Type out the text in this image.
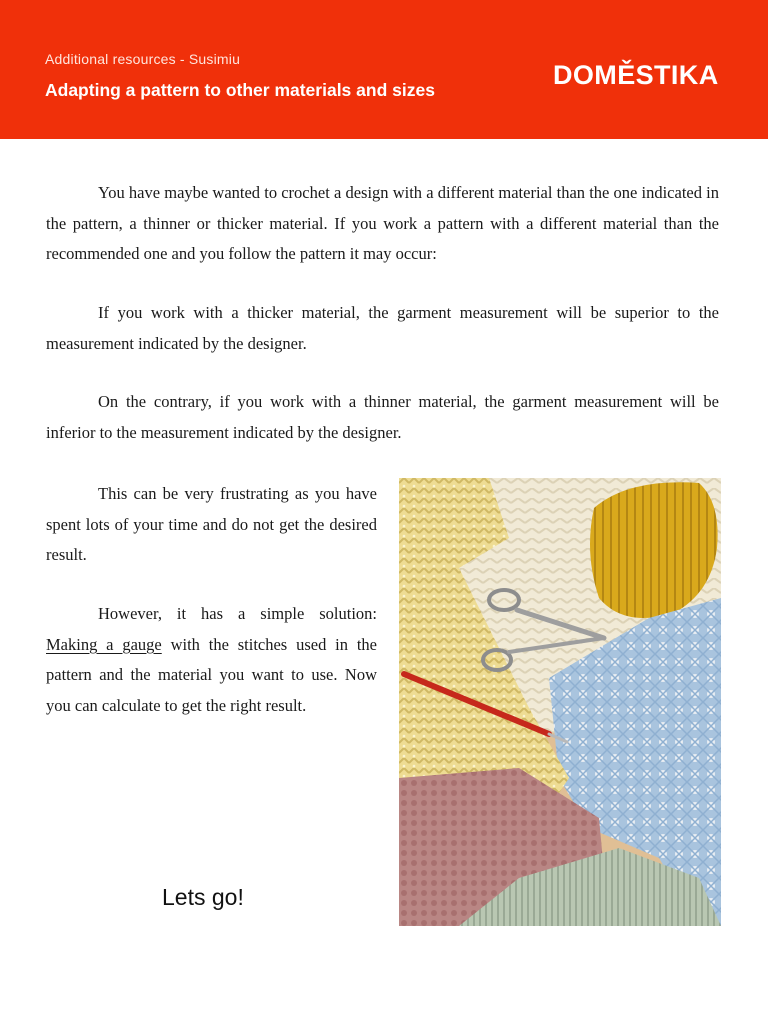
Additional resources - Susimiu
Adapting a pattern to other materials and sizes	DOMĚSTIKA

You have maybe wanted to crochet a design with a different material than the one indicated in the pattern, a thinner or thicker material. If you work a pattern with a different material than the recommended one and you follow the pattern it may occur:

If you work with a thicker material, the garment measurement will be superior to the measurement indicated by the designer.

On the contrary, if you work with a thinner material, the garment measurement will be inferior to the measurement indicated by the designer.

This can be very frustrating as you have spent lots of your time and do not get the desired result.

However, it has a simple solution: Making a gauge with the stitches used in the pattern and the material you want to use. Now you can calculate to get the right result.

Lets go!
